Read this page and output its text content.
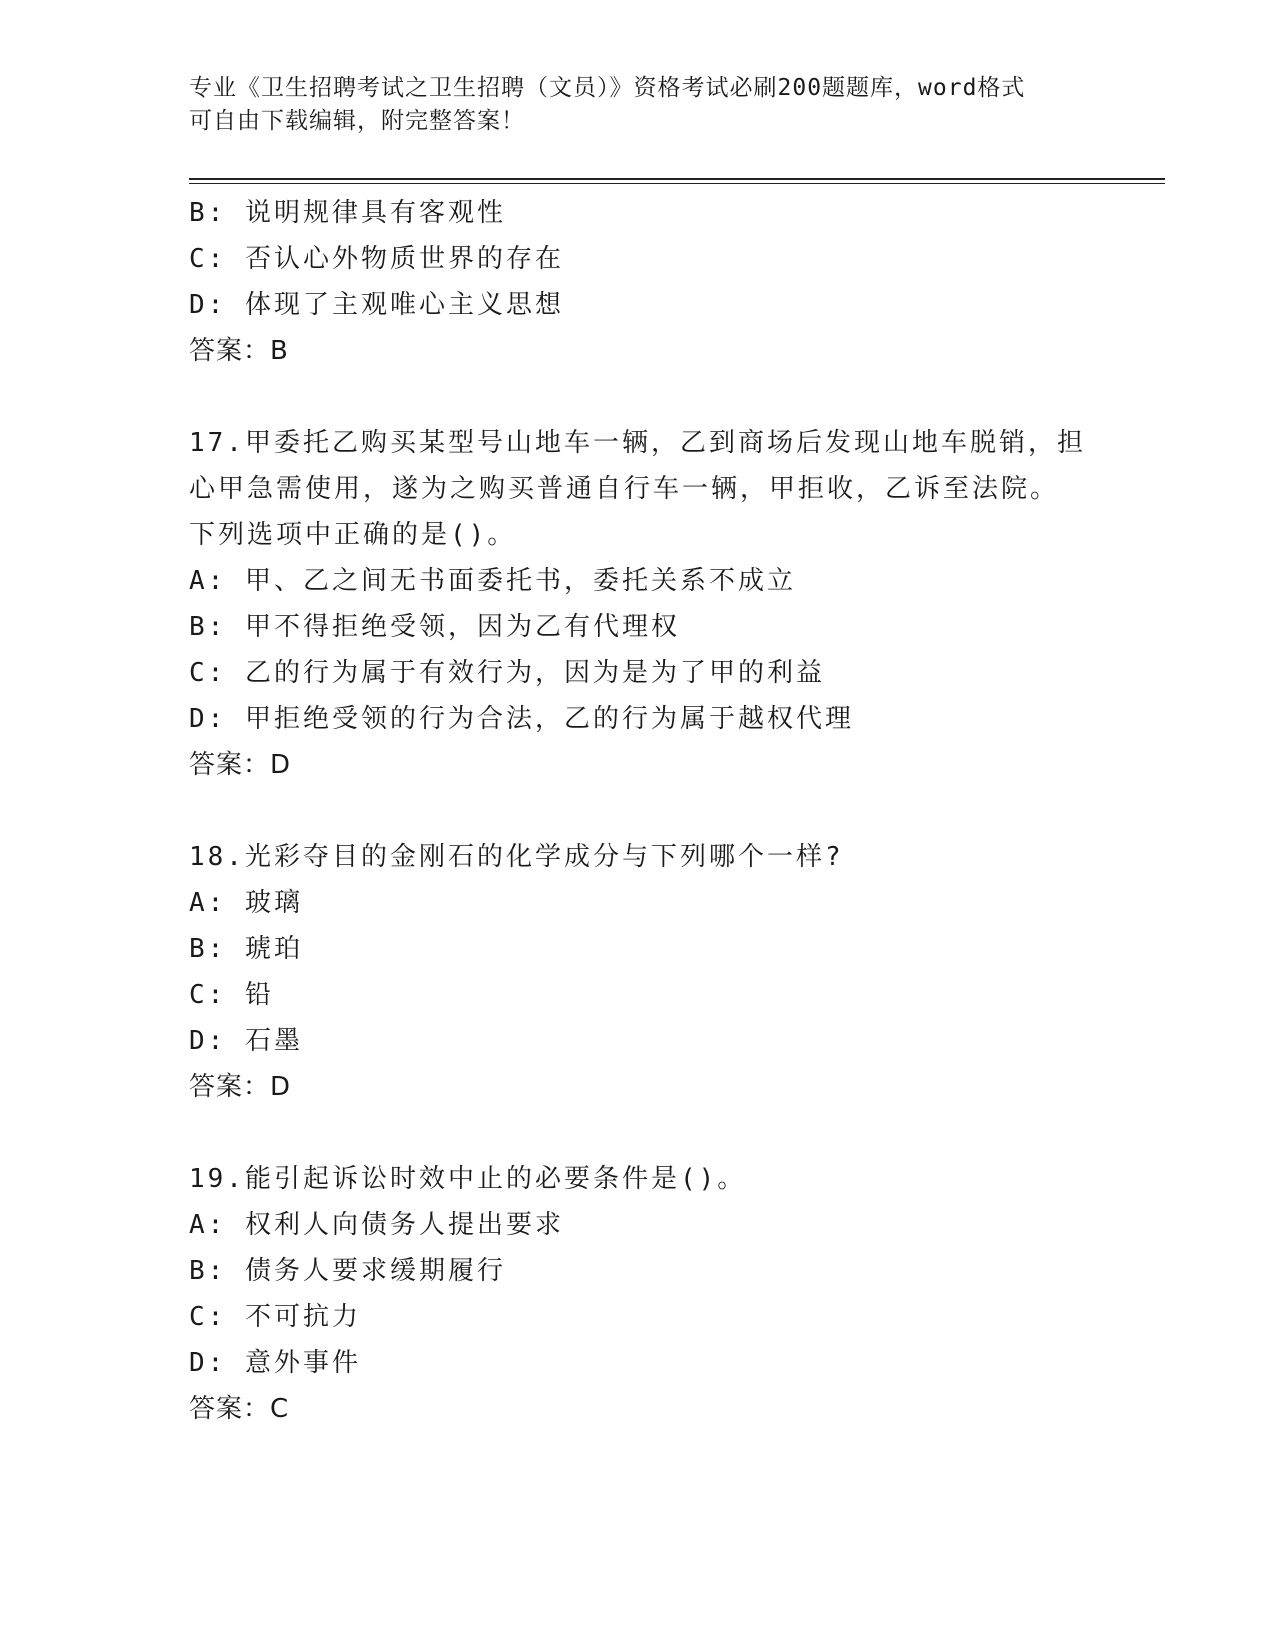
专业《卫生招聘考试之卫生招聘（文员）》资格考试必刷200题题库，word格式
可自由下载编辑，附完整答案！
B: 说明规律具有客观性
C: 否认心外物质世界的存在
D: 体现了主观唯心主义思想
答案：B
17.甲委托乙购买某型号山地车一辆，乙到商场后发现山地车脱销，担
心甲急需使用，遂为之购买普通自行车一辆，甲拒收，乙诉至法院。
下列选项中正确的是()。
A: 甲、乙之间无书面委托书，委托关系不成立
B: 甲不得拒绝受领，因为乙有代理权
C: 乙的行为属于有效行为，因为是为了甲的利益
D: 甲拒绝受领的行为合法，乙的行为属于越权代理
答案：D
18.光彩夺目的金刚石的化学成分与下列哪个一样?
A: 玻璃
B: 琥珀
C: 铅
D: 石墨
答案：D
19.能引起诉讼时效中止的必要条件是()。
A: 权利人向债务人提出要求
B: 债务人要求缓期履行
C: 不可抗力
D: 意外事件
答案：C
